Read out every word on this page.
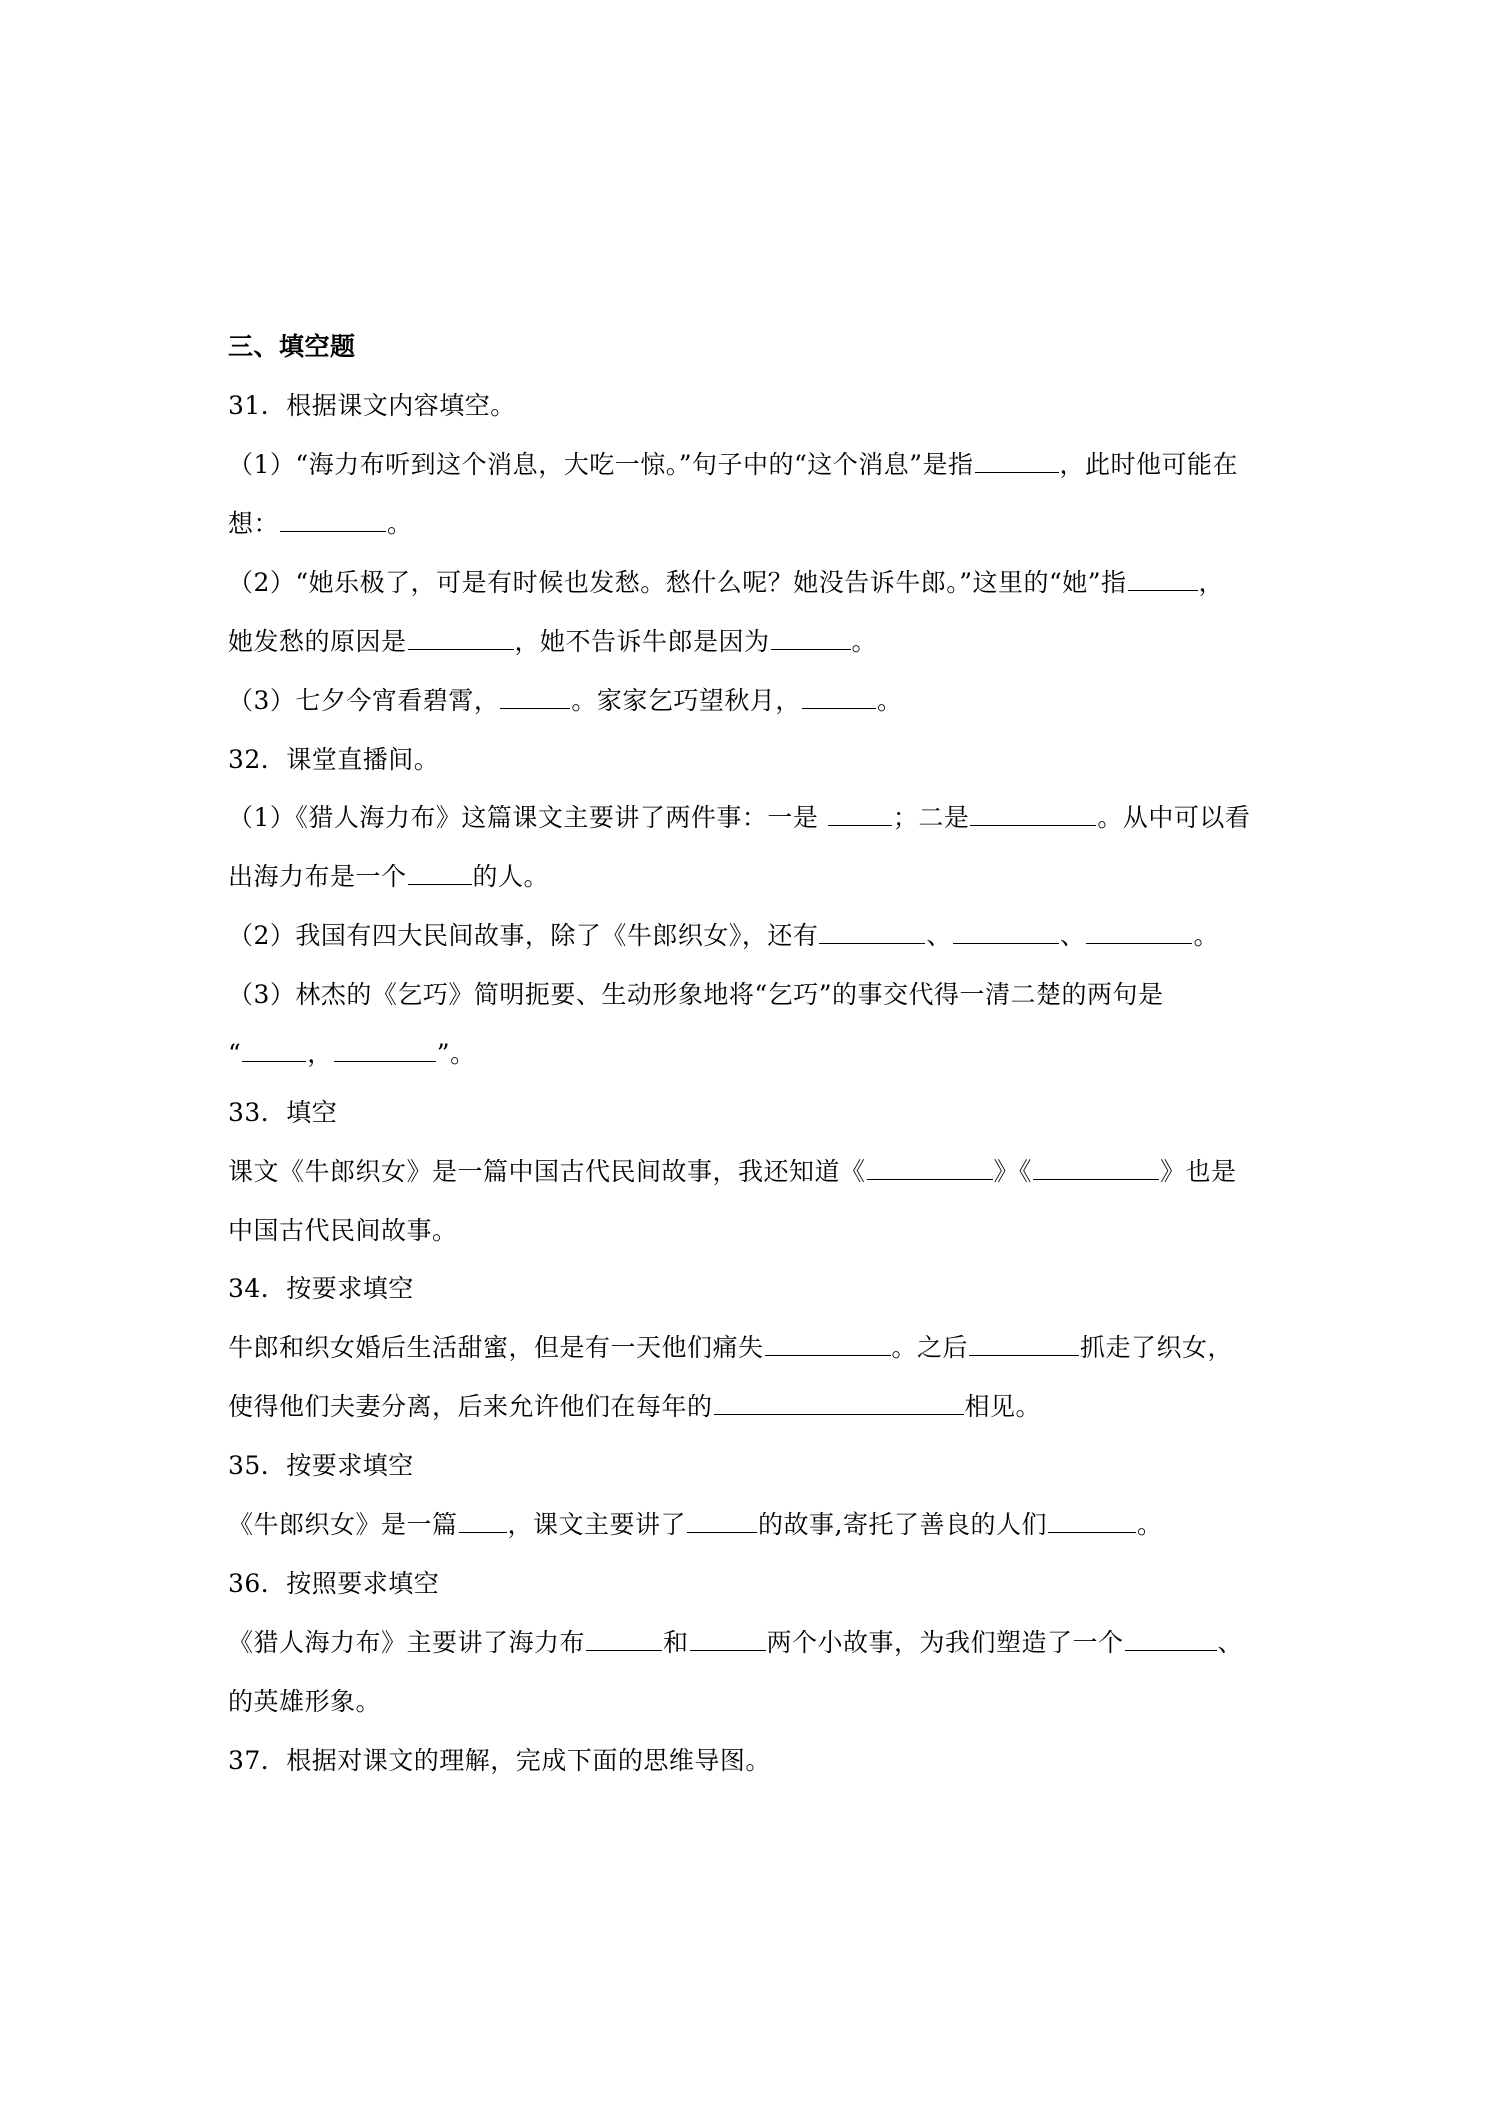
三、填空题
31．根据课文内容填空。
（1）“海力布听到这个消息，大吃一惊。”句子中的“这个消息”是指	，此时他可能在
想：	。
（2）“她乐极了，可是有时候也发愁。愁什么呢？她没告诉牛郎。”这里的“她”指	，
她发愁的原因是	，她不告诉牛郎是因为	。
（3）七夕今宵看碧霄，	。家家乞巧望秋月，	。
32．课堂直播间。
（1）《猎人海力布》这篇课文主要讲了两件事：一是	；二是	。从中可以看
出海力布是一个	的人。
（2）我国有四大民间故事，除了《牛郎织女》，还有	、	、	。
（3）林杰的《乞巧》简明扼要、生动形象地将“乞巧”的事交代得一清二楚的两句是
“	，	”。
33．填空
课文《牛郎织女》是一篇中国古代民间故事，我还知道《	》《	》也是
中国古代民间故事。
34．按要求填空
牛郎和织女婚后生活甜蜜，但是有一天他们痛失	。之后	抓走了织女，
使得他们夫妻分离，后来允许他们在每年的	相见。
35．按要求填空
《牛郎织女》是一篇 ，课文主要讲了	的故事,寄托了善良的人们	。
36．按照要求填空
《猎人海力布》主要讲了海力布	和	两个小故事，为我们塑造了一个	、
的英雄形象。
37．根据对课文的理解，完成下面的思维导图。
